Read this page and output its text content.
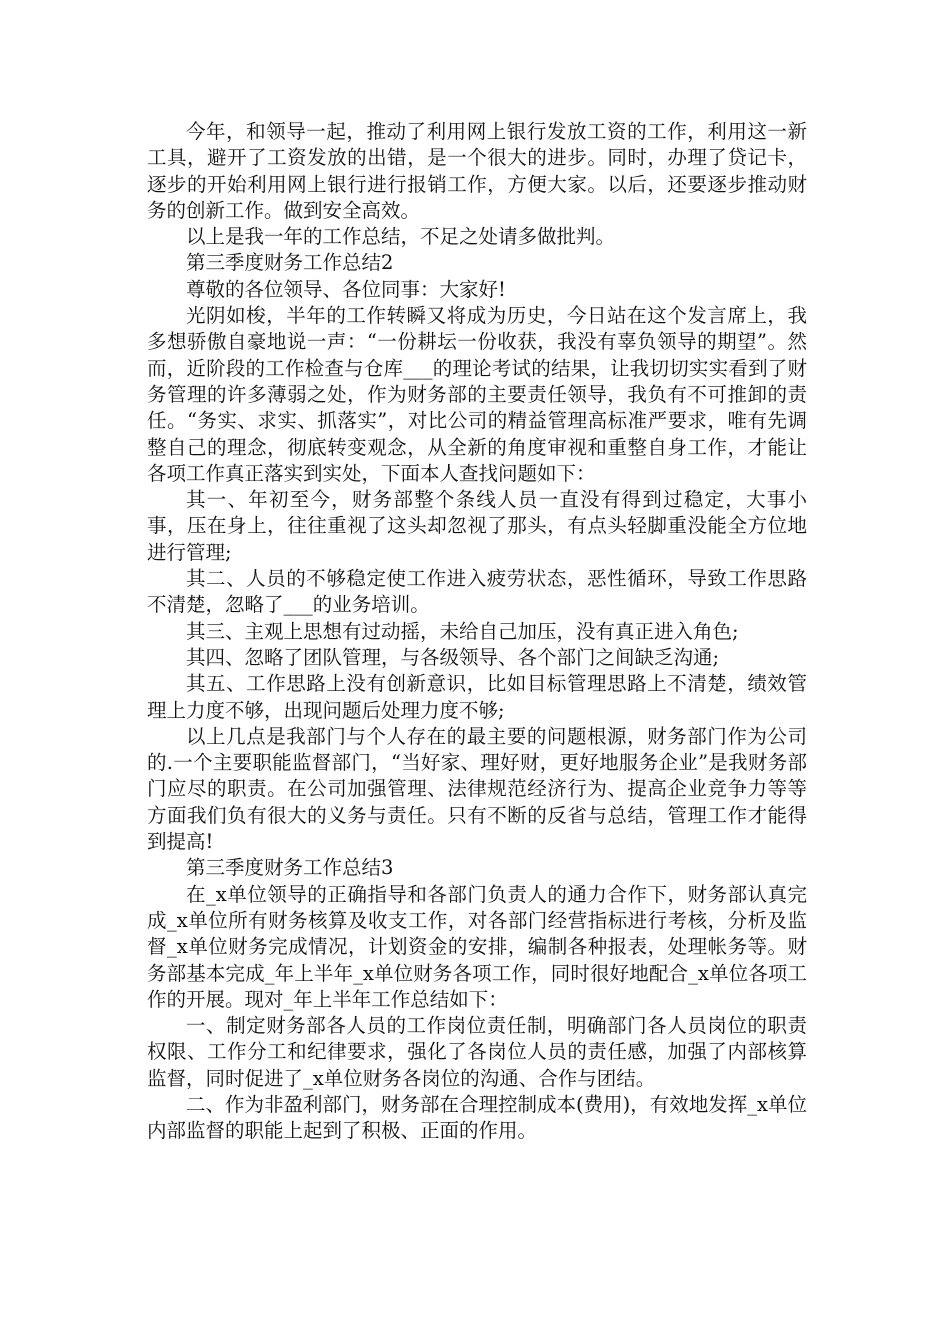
今年，和领导一起，推动了利用网上银行发放工资的工作，利用这一新工具，避开了工资发放的出错，是一个很大的进步。同时，办理了贷记卡，逐步的开始利用网上银行进行报销工作，方便大家。以后，还要逐步推动财务的创新工作。做到安全高效。

以上是我一年的工作总结，不足之处请多做批判。

第三季度财务工作总结2

尊敬的各位领导、各位同事：大家好!

光阴如梭，半年的工作转瞬又将成为历史，今日站在这个发言席上，我多想骄傲自豪地说一声：“一份耕坛一份收获，我没有辜负领导的期望”。然而，近阶段的工作检查与仓库___的理论考试的结果，让我切切实实看到了财务管理的许多薄弱之处，作为财务部的主要责任领导，我负有不可推卸的责任。“务实、求实、抓落实”，对比公司的精益管理高标准严要求，唯有先调整自己的理念，彻底转变观念，从全新的角度审视和重整自身工作，才能让各项工作真正落实到实处，下面本人查找问题如下：

其一、年初至今，财务部整个条线人员一直没有得到过稳定，大事小事，压在身上，往往重视了这头却忽视了那头，有点头轻脚重没能全方位地进行管理;

其二、人员的不够稳定使工作进入疲劳状态，恶性循环，导致工作思路不清楚，忽略了___的业务培训。

其三、主观上思想有过动摇，未给自己加压，没有真正进入角色;

其四、忽略了团队管理，与各级领导、各个部门之间缺乏沟通;

其五、工作思路上没有创新意识，比如目标管理思路上不清楚，绩效管理上力度不够，出现问题后处理力度不够;

以上几点是我部门与个人存在的最主要的问题根源，财务部门作为公司的.一个主要职能监督部门，“当好家、理好财，更好地服务企业”是我财务部门应尽的职责。在公司加强管理、法律规范经济行为、提高企业竞争力等等方面我们负有很大的义务与责任。只有不断的反省与总结，管理工作才能得到提高!

第三季度财务工作总结3

在_x单位领导的正确指导和各部门负责人的通力合作下，财务部认真完成_x单位所有财务核算及收支工作，对各部门经营指标进行考核，分析及监督_x单位财务完成情况，计划资金的安排，编制各种报表，处理帐务等。财务部基本完成_年上半年_x单位财务各项工作，同时很好地配合_x单位各项工作的开展。现对_年上半年工作总结如下：

一、制定财务部各人员的工作岗位责任制，明确部门各人员岗位的职责权限、工作分工和纪律要求，强化了各岗位人员的责任感，加强了内部核算监督，同时促进了_x单位财务各岗位的沟通、合作与团结。

二、作为非盈利部门，财务部在合理控制成本(费用)，有效地发挥_x单位内部监督的职能上起到了积极、正面的作用。
